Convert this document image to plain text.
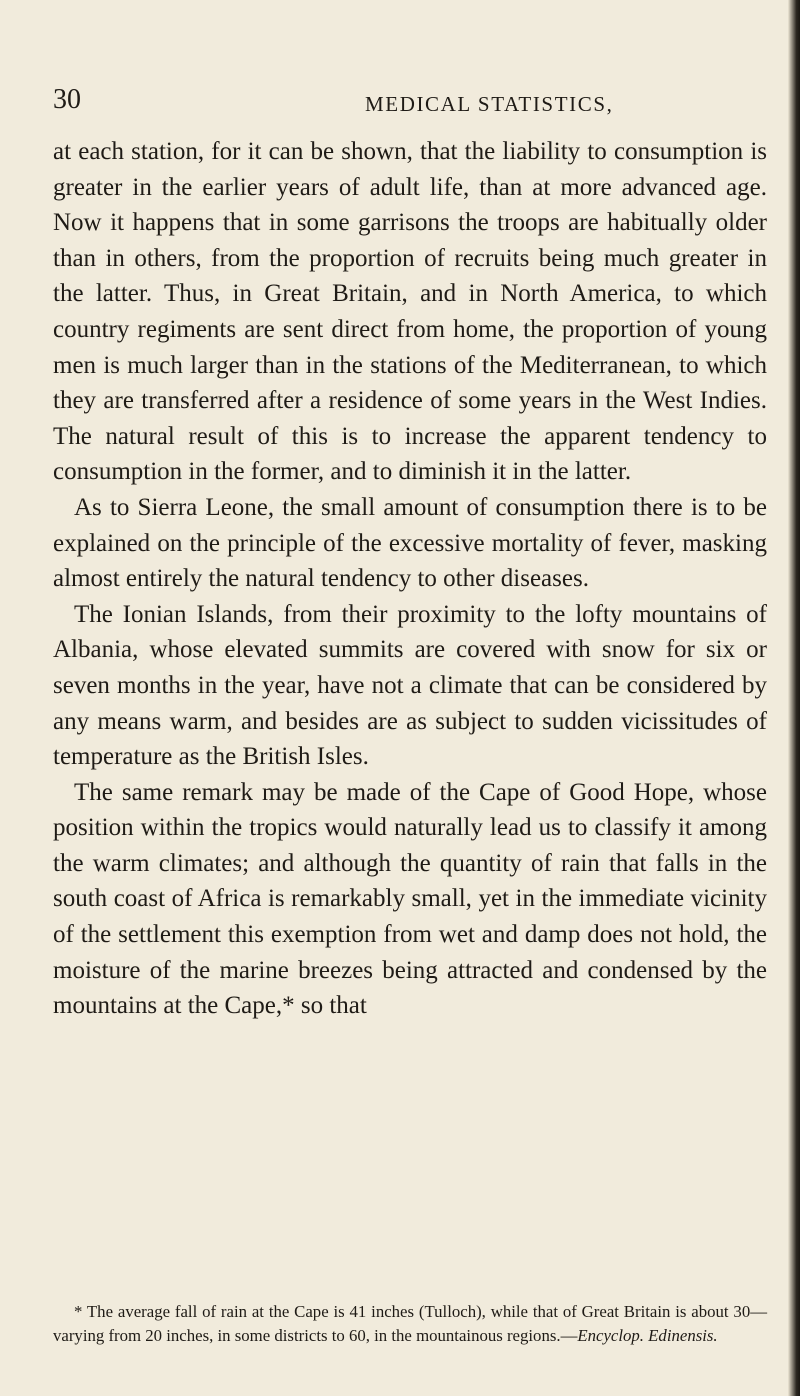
30	MEDICAL STATISTICS,

at each station, for it can be shown, that the liability to consumption is greater in the earlier years of adult life, than at more advanced age. Now it happens that in some garrisons the troops are habitually older than in others, from the proportion of recruits being much greater in the latter. Thus, in Great Britain, and in North America, to which country regiments are sent direct from home, the proportion of young men is much larger than in the stations of the Mediterranean, to which they are transferred after a residence of some years in the West Indies. The natural result of this is to increase the apparent tendency to consumption in the former, and to diminish it in the latter.

As to Sierra Leone, the small amount of consumption there is to be explained on the principle of the excessive mortality of fever, masking almost entirely the natural tendency to other diseases.

The Ionian Islands, from their proximity to the lofty mountains of Albania, whose elevated summits are covered with snow for six or seven months in the year, have not a climate that can be considered by any means warm, and besides are as subject to sudden vicissitudes of temperature as the British Isles.

The same remark may be made of the Cape of Good Hope, whose position within the tropics would naturally lead us to classify it among the warm climates; and although the quantity of rain that falls in the south coast of Africa is remarkably small, yet in the immediate vicinity of the settlement this exemption from wet and damp does not hold, the moisture of the marine breezes being attracted and condensed by the mountains at the Cape,* so that

* The average fall of rain at the Cape is 41 inches (Tulloch), while that of Great Britain is about 30—varying from 20 inches, in some districts to 60, in the mountainous regions.—Encyclop. Edinensis.
